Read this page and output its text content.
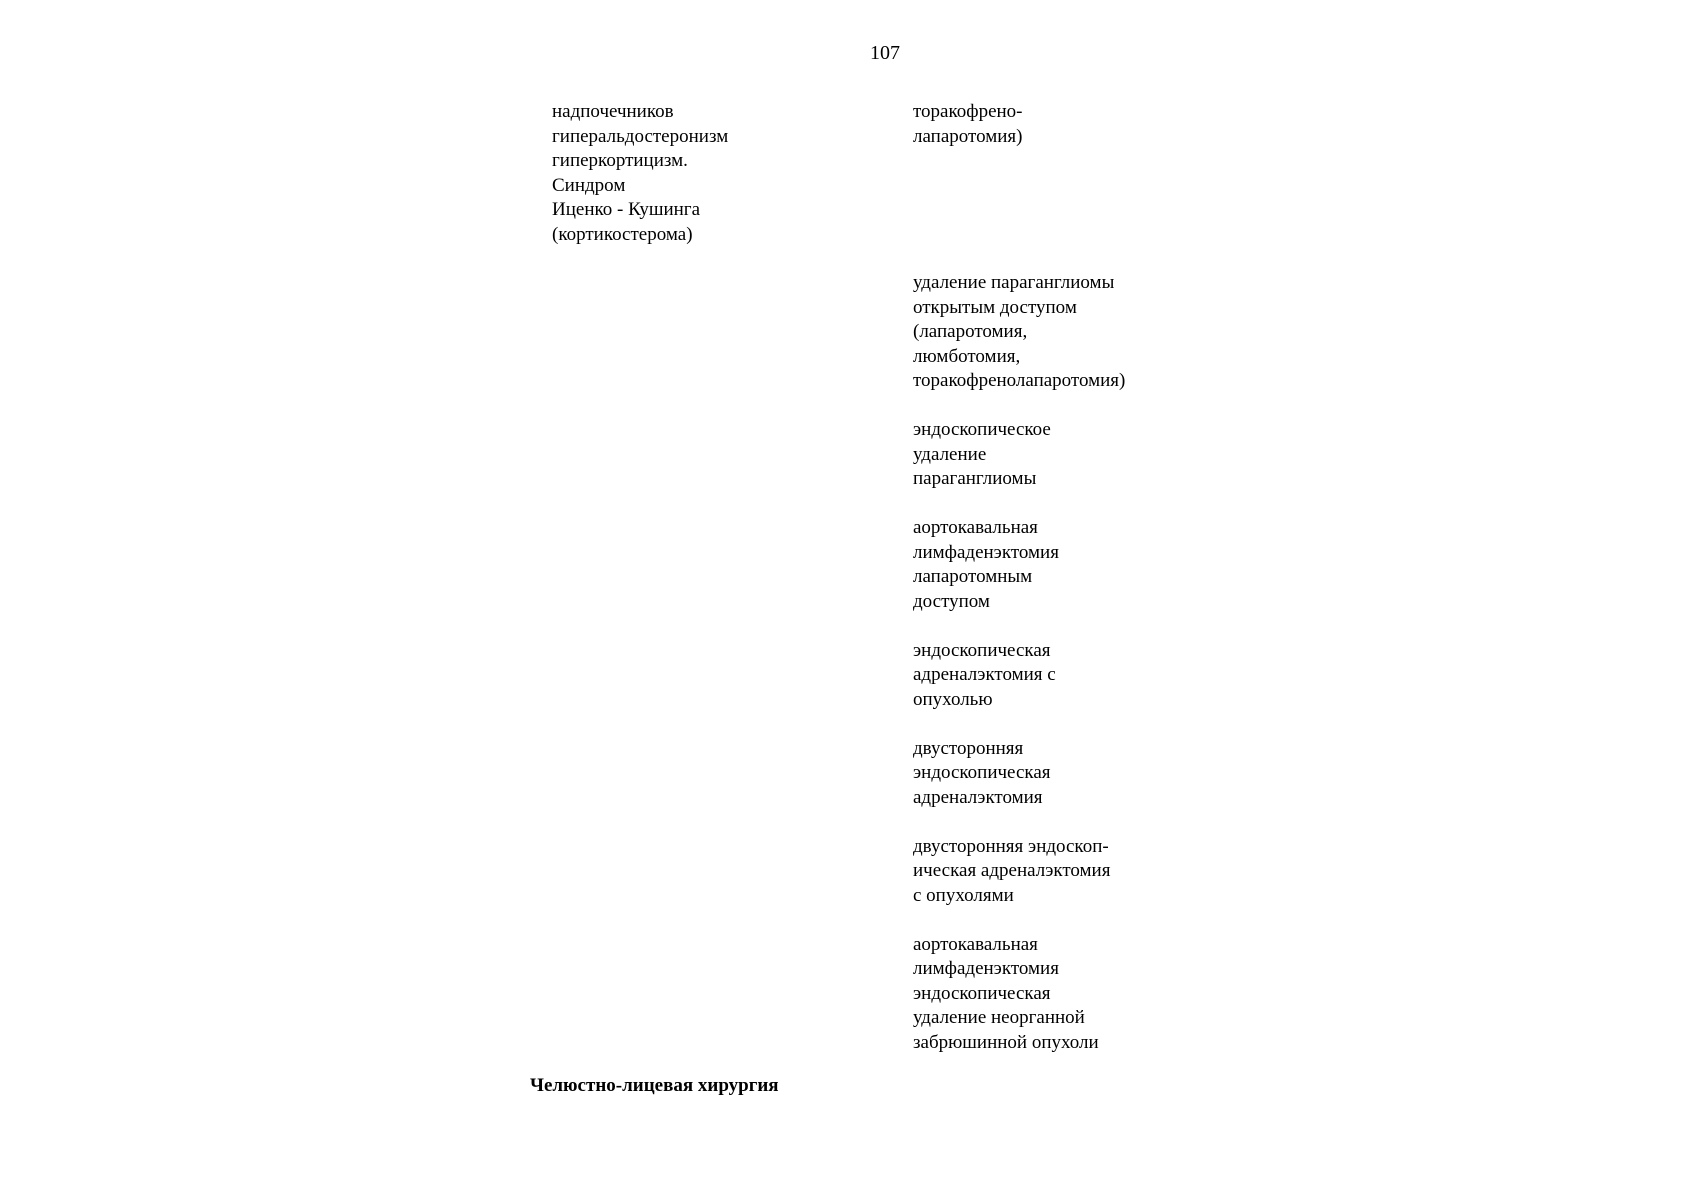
107
надпочечников
гиперальдостеронизм
гиперкортицизм.
Синдром
Иценко - Кушинга
(кортикостерома)
торакофрено-
лапаротомия)
удаление параганглиомы
открытым доступом
(лапаротомия,
люмботомия,
торакофренолапаротомия)
эндоскопическое
удаление
параганглиомы
аортокавальная
лимфаденэктомия
лапаротомным
доступом
эндоскопическая
адреналэктомия с
опухолью
двусторонняя
эндоскопическая
адреналэктомия
двусторонняя эндоскоп-
ическая адреналэктомия
с опухолями
аортокавальная
лимфаденэктомия
эндоскопическая
удаление неорганной
забрюшинной опухоли
Челюстно-лицевая хирургия
